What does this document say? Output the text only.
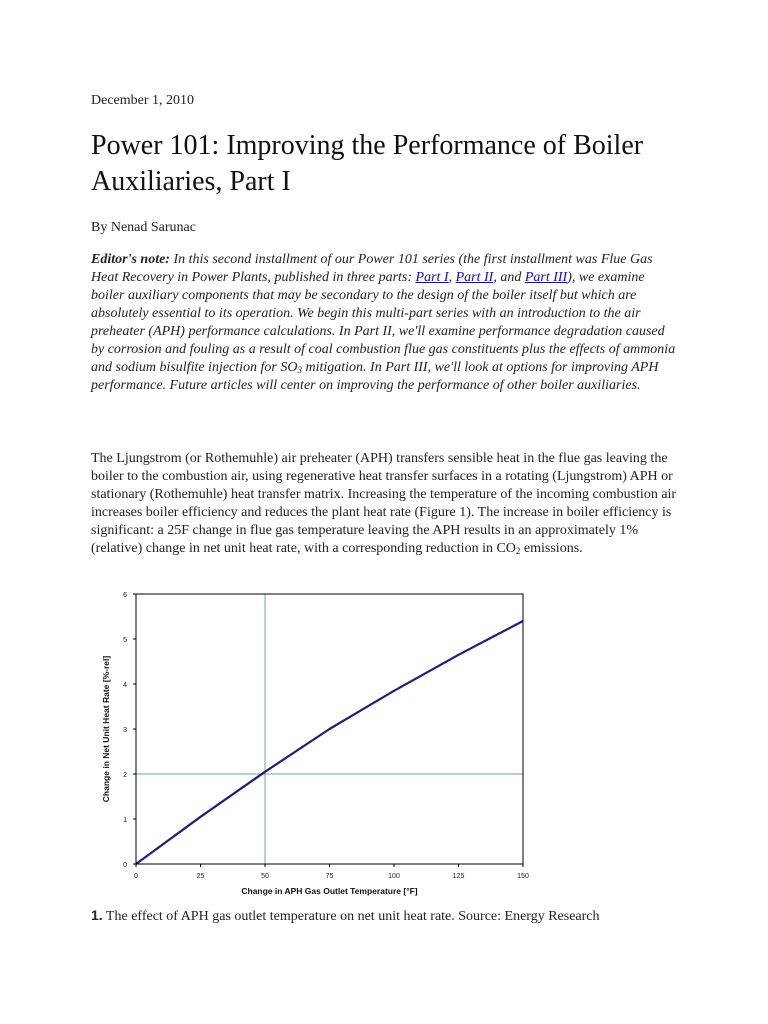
December 1, 2010
Power 101: Improving the Performance of Boiler Auxiliaries, Part I
By Nenad Sarunac
Editor's note: In this second installment of our Power 101 series (the first installment was Flue Gas Heat Recovery in Power Plants, published in three parts: Part I, Part II, and Part III), we examine boiler auxiliary components that may be secondary to the design of the boiler itself but which are absolutely essential to its operation. We begin this multi-part series with an introduction to the air preheater (APH) performance calculations. In Part II, we'll examine performance degradation caused by corrosion and fouling as a result of coal combustion flue gas constituents plus the effects of ammonia and sodium bisulfite injection for $SO_3$ mitigation. In Part III, we'll look at options for improving APH performance. Future articles will center on improving the performance of other boiler auxiliaries.
The Ljungstrom (or Rothemuhle) air preheater (APH) transfers sensible heat in the flue gas leaving the boiler to the combustion air, using regenerative heat transfer surfaces in a rotating (Ljungstrom) APH or stationary (Rothemuhle) heat transfer matrix. Increasing the temperature of the incoming combustion air increases boiler efficiency and reduces the plant heat rate (Figure 1). The increase in boiler efficiency is significant: a 25F change in flue gas temperature leaving the APH results in an approximately 1% (relative) change in net unit heat rate, with a corresponding reduction in $CO_2$ emissions.
0	25	50	75	100	125	150
0
1
2
3
4
5
6
Change in APH Gas Outlet Temperature [°F]
Change in Net Unit Heat Rate [%-rel]
1. The effect of APH gas outlet temperature on net unit heat rate. Source: Energy Research
